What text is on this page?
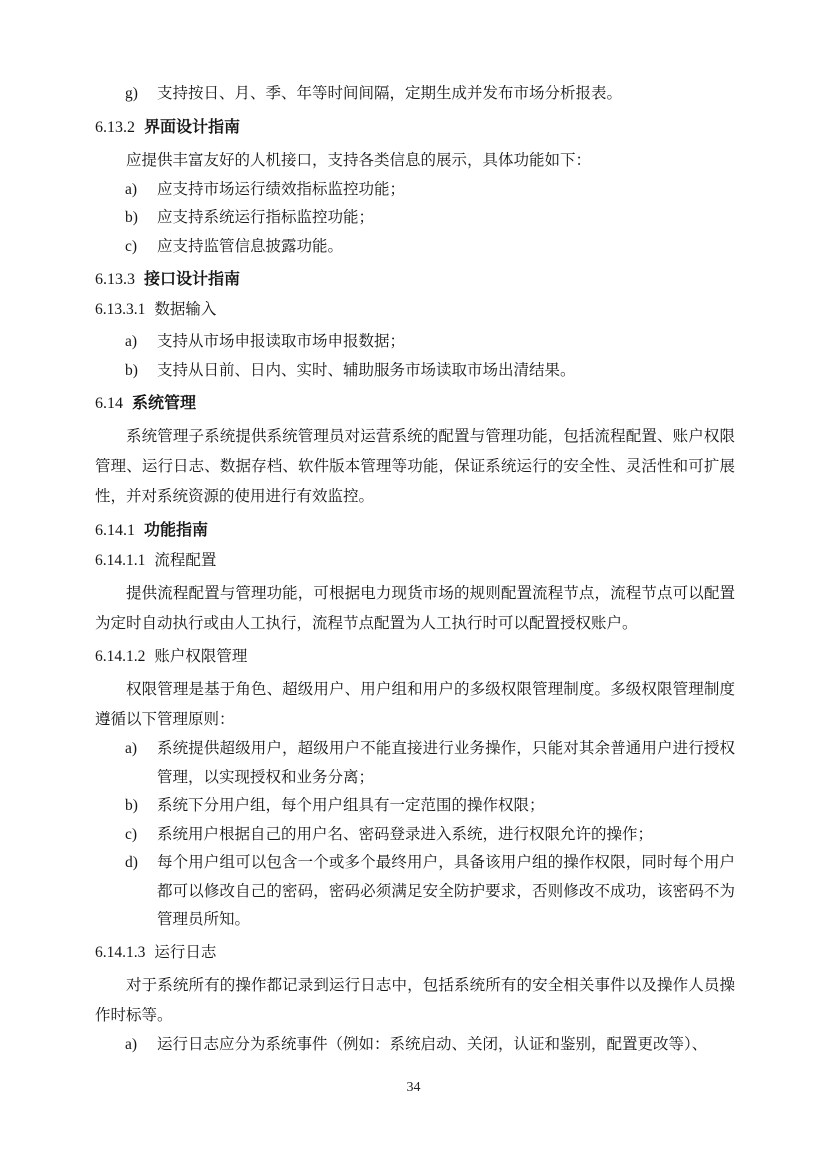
g)	支持按日、月、季、年等时间间隔，定期生成并发布市场分析报表。
6.13.2 界面设计指南

应提供丰富友好的人机接口，支持各类信息的展示，具体功能如下：

a)	应支持市场运行绩效指标监控功能；
b)	应支持系统运行指标监控功能；
c)	应支持监管信息披露功能。
6.13.3 接口设计指南
6.13.3.1 数据输入
a)	支持从市场申报读取市场申报数据；
b)	支持从日前、日内、实时、辅助服务市场读取市场出清结果。
6.14 系统管理

系统管理子系统提供系统管理员对运营系统的配置与管理功能，包括流程配置、账户权限管理、运行日志、数据存档、软件版本管理等功能，保证系统运行的安全性、灵活性和可扩展性，并对系统资源的使用进行有效监控。

6.14.1 功能指南
6.14.1.1 流程配置

提供流程配置与管理功能，可根据电力现货市场的规则配置流程节点，流程节点可以配置为定时自动执行或由人工执行，流程节点配置为人工执行时可以配置授权账户。

6.14.1.2 账户权限管理

权限管理是基于角色、超级用户、用户组和用户的多级权限管理制度。多级权限管理制度遵循以下管理原则：

a)	系统提供超级用户，超级用户不能直接进行业务操作，只能对其余普通用户进行授权管理，以实现授权和业务分离；
b)	系统下分用户组，每个用户组具有一定范围的操作权限；
c)	系统用户根据自己的用户名、密码登录进入系统，进行权限允许的操作；
d)	每个用户组可以包含一个或多个最终用户，具备该用户组的操作权限，同时每个用户都可以修改自己的密码，密码必须满足安全防护要求，否则修改不成功，该密码不为管理员所知。
6.14.1.3 运行日志

对于系统所有的操作都记录到运行日志中，包括系统所有的安全相关事件以及操作人员操作时标等。

a)	运行日志应分为系统事件（例如：系统启动、关闭，认证和鉴别，配置更改等）、
34
